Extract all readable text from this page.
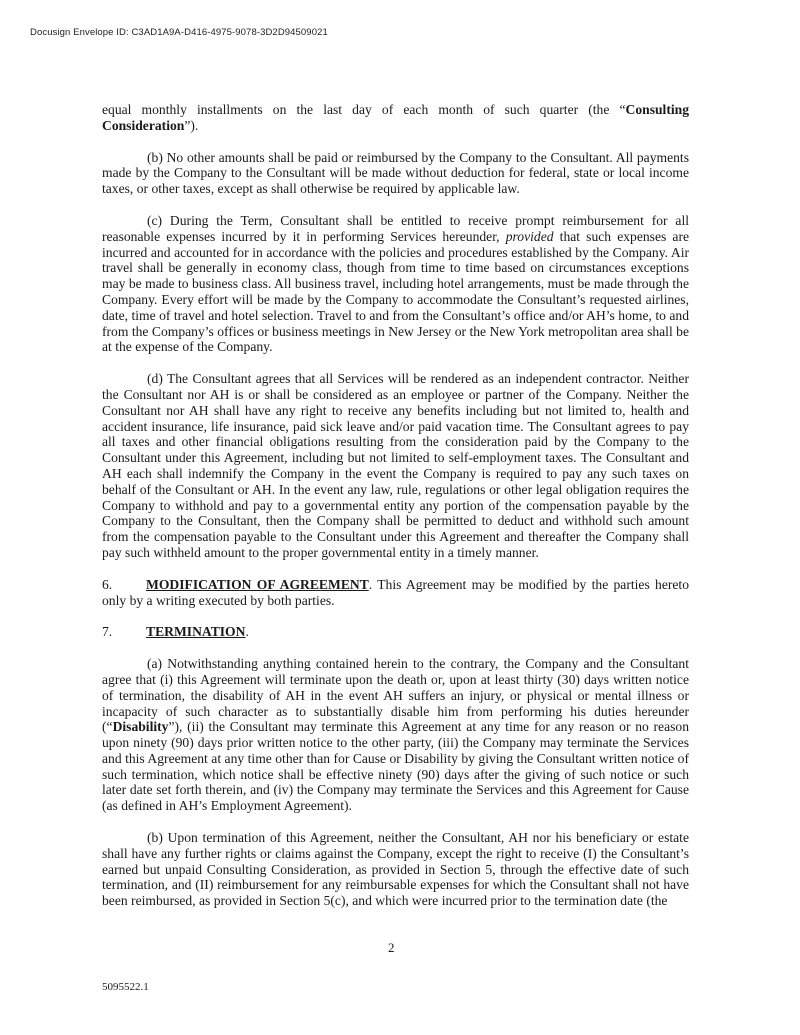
Docusign Envelope ID: C3AD1A9A-D416-4975-9078-3D2D94509021

equal monthly installments on the last day of each month of such quarter (the “Consulting Consideration”).

(b) No other amounts shall be paid or reimbursed by the Company to the Consultant. All payments made by the Company to the Consultant will be made without deduction for federal, state or local income taxes, or other taxes, except as shall otherwise be required by applicable law.

(c) During the Term, Consultant shall be entitled to receive prompt reimbursement for all reasonable expenses incurred by it in performing Services hereunder, provided that such expenses are incurred and accounted for in accordance with the policies and procedures established by the Company. Air travel shall be generally in economy class, though from time to time based on circumstances exceptions may be made to business class. All business travel, including hotel arrangements, must be made through the Company. Every effort will be made by the Company to accommodate the Consultant’s requested airlines, date, time of travel and hotel selection. Travel to and from the Consultant’s office and/or AH’s home, to and from the Company’s offices or business meetings in New Jersey or the New York metropolitan area shall be at the expense of the Company.

(d) The Consultant agrees that all Services will be rendered as an independent contractor. Neither the Consultant nor AH is or shall be considered as an employee or partner of the Company. Neither the Consultant nor AH shall have any right to receive any benefits including but not limited to, health and accident insurance, life insurance, paid sick leave and/or paid vacation time. The Consultant agrees to pay all taxes and other financial obligations resulting from the consideration paid by the Company to the Consultant under this Agreement, including but not limited to self-employment taxes. The Consultant and AH each shall indemnify the Company in the event the Company is required to pay any such taxes on behalf of the Consultant or AH. In the event any law, rule, regulations or other legal obligation requires the Company to withhold and pay to a governmental entity any portion of the compensation payable by the Company to the Consultant, then the Company shall be permitted to deduct and withhold such amount from the compensation payable to the Consultant under this Agreement and thereafter the Company shall pay such withheld amount to the proper governmental entity in a timely manner.

6. MODIFICATION OF AGREEMENT. This Agreement may be modified by the parties hereto only by a writing executed by both parties.

7. TERMINATION.

(a) Notwithstanding anything contained herein to the contrary, the Company and the Consultant agree that (i) this Agreement will terminate upon the death or, upon at least thirty (30) days written notice of termination, the disability of AH in the event AH suffers an injury, or physical or mental illness or incapacity of such character as to substantially disable him from performing his duties hereunder (“Disability”), (ii) the Consultant may terminate this Agreement at any time for any reason or no reason upon ninety (90) days prior written notice to the other party, (iii) the Company may terminate the Services and this Agreement at any time other than for Cause or Disability by giving the Consultant written notice of such termination, which notice shall be effective ninety (90) days after the giving of such notice or such later date set forth therein, and (iv) the Company may terminate the Services and this Agreement for Cause (as defined in AH’s Employment Agreement).

(b) Upon termination of this Agreement, neither the Consultant, AH nor his beneficiary or estate shall have any further rights or claims against the Company, except the right to receive (I) the Consultant’s earned but unpaid Consulting Consideration, as provided in Section 5, through the effective date of such termination, and (II) reimbursement for any reimbursable expenses for which the Consultant shall not have been reimbursed, as provided in Section 5(c), and which were incurred prior to the termination date (the

2
5095522.1
